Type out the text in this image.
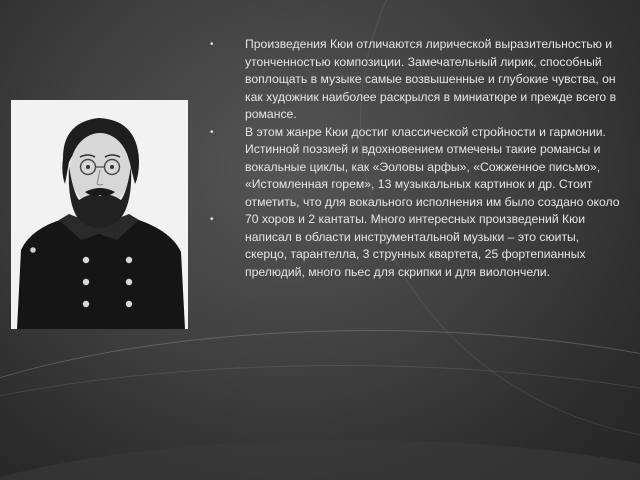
•	Произведения Кюи отличаются лирической выразительностью и утонченностью композиции. Замечательный лирик, способный воплощать в музыке самые возвышенные и глубокие чувства, он как художник наиболее раскрылся в миниатюре и прежде всего в романсе.
•	В этом жанре Кюи достиг классической стройности и гармонии. Истинной поэзией и вдохновением отмечены такие романсы и вокальные циклы, как «Эоловы арфы», «Сожженное письмо», «Истомленная горем», 13 музыкальных картинок и др. Стоит отметить, что для вокального исполнения им было создано около
•	70 хоров и 2 кантаты. Много интересных произведений Кюи написал в области инструментальной музыки – это сюиты, скерцо, тарантелла, 3 струнных квартета, 25 фортепианных прелюдий, много пьес для скрипки и для виолончели.
